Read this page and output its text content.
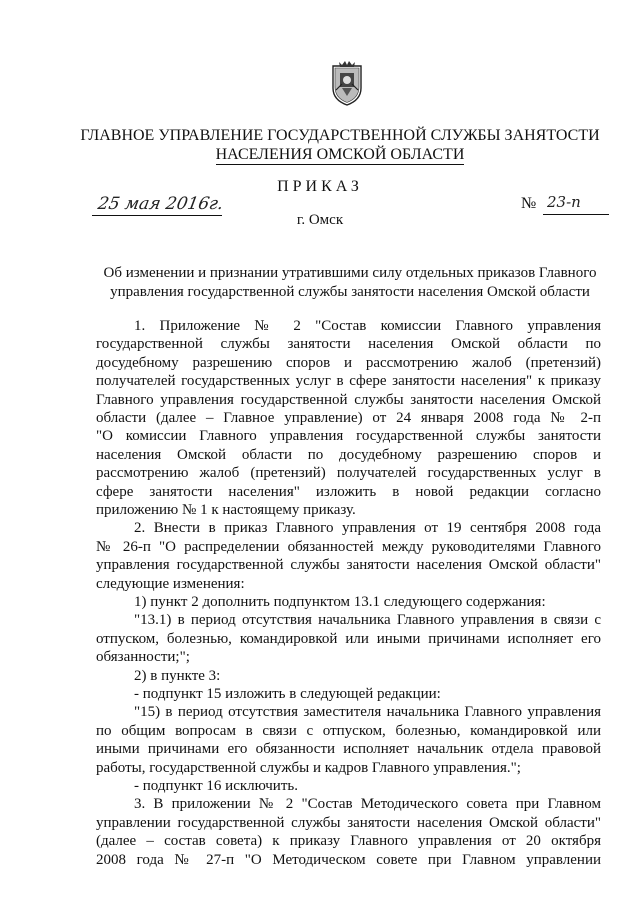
ГЛАВНОЕ УПРАВЛЕНИЕ ГОСУДАРСТВЕННОЙ СЛУЖБЫ ЗАНЯТОСТИ
НАСЕЛЕНИЯ ОМСКОЙ ОБЛАСТИ
ПРИКАЗ
25 мая 2016г.	№ 23-п
г. Омск
Об изменении и признании утратившими силу отдельных приказов Главного
управления государственной службы занятости населения Омской области
1. Приложение № 2 "Состав комиссии Главного управления
государственной службы занятости населения Омской области по
досудебному разрешению споров и рассмотрению жалоб (претензий)
получателей государственных услуг в сфере занятости населения" к приказу
Главного управления государственной службы занятости населения Омской
области (далее – Главное управление) от 24 января 2008 года № 2-п
"О комиссии Главного управления государственной службы занятости
населения Омской области по досудебному разрешению споров и
рассмотрению жалоб (претензий) получателей государственных услуг в
сфере занятости населения" изложить в новой редакции согласно
приложению № 1 к настоящему приказу.
2. Внести в приказ Главного управления от 19 сентября 2008 года
№ 26-п "О распределении обязанностей между руководителями Главного
управления государственной службы занятости населения Омской области"
следующие изменения:
1) пункт 2 дополнить подпунктом 13.1 следующего содержания:
"13.1) в период отсутствия начальника Главного управления в связи с
отпуском, болезнью, командировкой или иными причинами исполняет его
обязанности;";
2) в пункте 3:
- подпункт 15 изложить в следующей редакции:
"15) в период отсутствия заместителя начальника Главного управления
по общим вопросам в связи с отпуском, болезнью, командировкой или
иными причинами его обязанности исполняет начальник отдела правовой
работы, государственной службы и кадров Главного управления.";
- подпункт 16 исключить.
3. В приложении № 2 "Состав Методического совета при Главном
управлении государственной службы занятости населения Омской области"
(далее – состав совета) к приказу Главного управления от 20 октября
2008 года № 27-п "О Методическом совете при Главном управлении
